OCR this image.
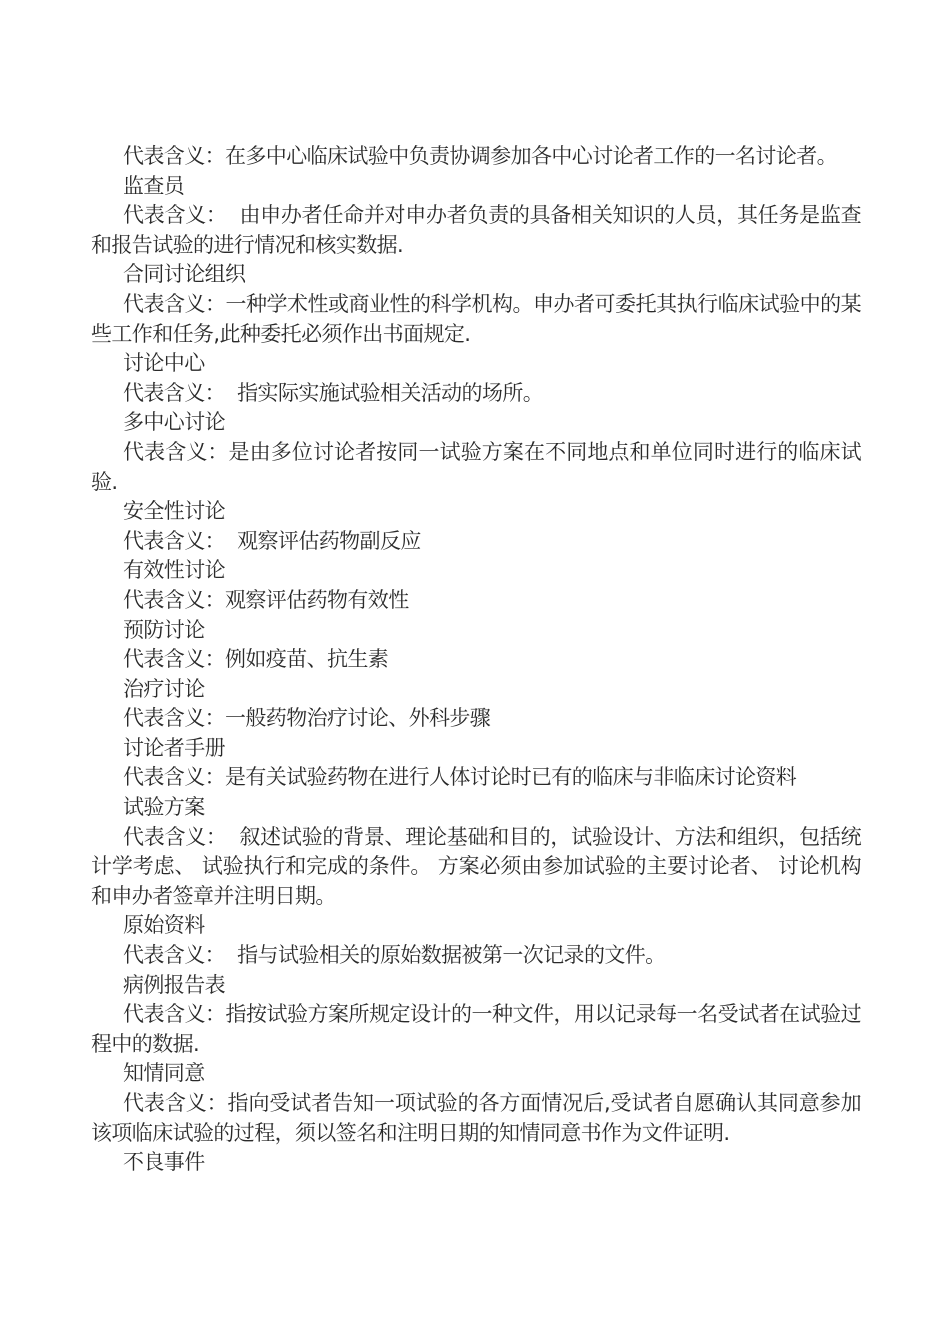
代表含义：在多中心临床试验中负责协调参加各中心讨论者工作的一名讨论者。

监查员

代表含义：  由申办者任命并对申办者负责的具备相关知识的人员，其任务是监查和报告试验的进行情况和核实数据.

合同讨论组织

代表含义：一种学术性或商业性的科学机构。申办者可委托其执行临床试验中的某些工作和任务,此种委托必须作出书面规定.

讨论中心

代表含义：  指实际实施试验相关活动的场所。

多中心讨论

代表含义：是由多位讨论者按同一试验方案在不同地点和单位同时进行的临床试验.

安全性讨论

代表含义：  观察评估药物副反应

有效性讨论

代表含义：观察评估药物有效性

预防讨论

代表含义：例如疫苗、抗生素

治疗讨论

代表含义：一般药物治疗讨论、外科步骤

讨论者手册

代表含义：是有关试验药物在进行人体讨论时已有的临床与非临床讨论资料

试验方案

代表含义：  叙述试验的背景、理论基础和目的，试验设计、方法和组织，包括统计学考虑、 试验执行和完成的条件。 方案必须由参加试验的主要讨论者、 讨论机构和申办者签章并注明日期。

原始资料

代表含义：  指与试验相关的原始数据被第一次记录的文件。

病例报告表

代表含义：指按试验方案所规定设计的一种文件，用以记录每一名受试者在试验过程中的数据.

知情同意

代表含义：指向受试者告知一项试验的各方面情况后,受试者自愿确认其同意参加该项临床试验的过程，须以签名和注明日期的知情同意书作为文件证明.

不良事件
